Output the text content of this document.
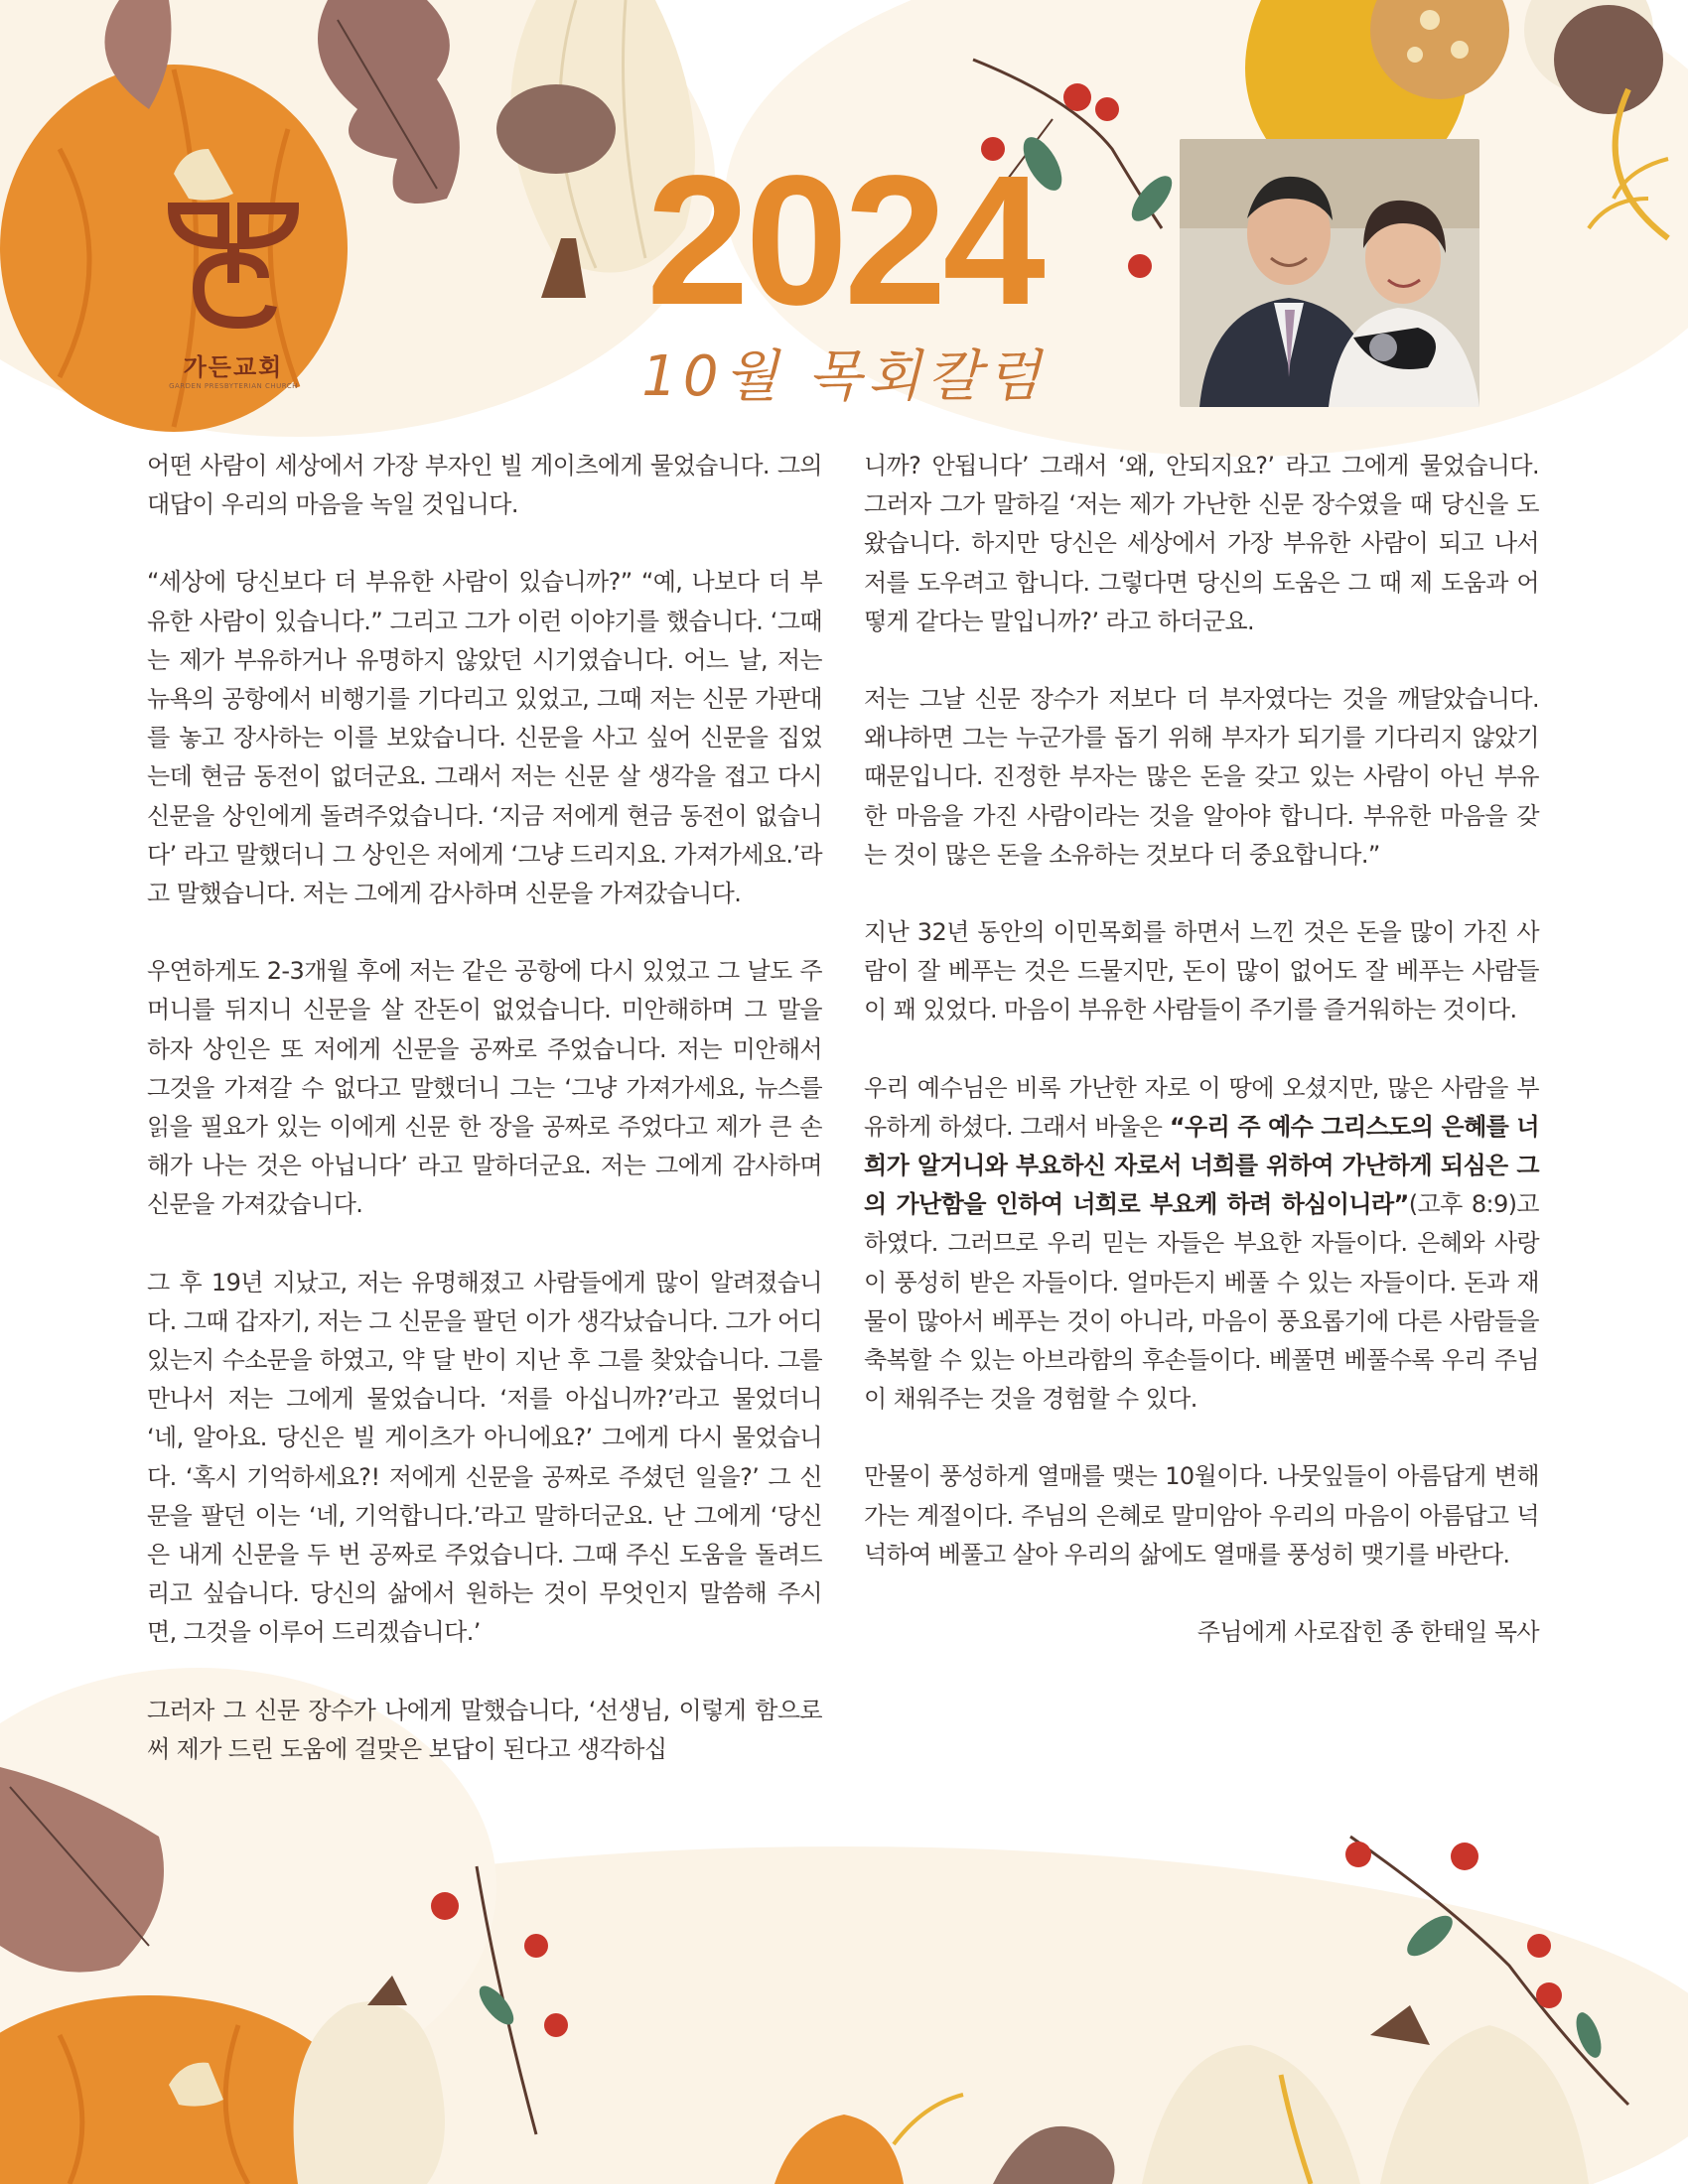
가든교회
GARDEN PRESBYTERIAN CHURCH
2024
10월 목회칼럼

어떤 사람이 세상에서 가장 부자인 빌 게이츠에게 물었습니다. 그의 대답이 우리의 마음을 녹일 것입니다.

“세상에 당신보다 더 부유한 사람이 있습니까?” “예, 나보다 더 부유한 사람이 있습니다.” 그리고 그가 이런 이야기를 했습니다. ‘그때는 제가 부유하거나 유명하지 않았던 시기였습니다. 어느 날, 저는 뉴욕의 공항에서 비행기를 기다리고 있었고, 그때 저는 신문 가판대를 놓고 장사하는 이를 보았습니다. 신문을 사고 싶어 신문을 집었는데 현금 동전이 없더군요. 그래서 저는 신문 살 생각을 접고 다시 신문을 상인에게 돌려주었습니다. ‘지금 저에게 현금 동전이 없습니다’ 라고 말했더니 그 상인은 저에게 ‘그냥 드리지요. 가져가세요.’라고 말했습니다. 저는 그에게 감사하며 신문을 가져갔습니다.

우연하게도 2-3개월 후에 저는 같은 공항에 다시 있었고 그 날도 주머니를 뒤지니 신문을 살 잔돈이 없었습니다. 미안해하며 그 말을 하자 상인은 또 저에게 신문을 공짜로 주었습니다. 저는 미안해서 그것을 가져갈 수 없다고 말했더니 그는 ‘그냥 가져가세요, 뉴스를 읽을 필요가 있는 이에게 신문 한 장을 공짜로 주었다고 제가 큰 손해가 나는 것은 아닙니다’ 라고 말하더군요. 저는 그에게 감사하며 신문을 가져갔습니다.

그 후 19년 지났고, 저는 유명해졌고 사람들에게 많이 알려졌습니다. 그때 갑자기, 저는 그 신문을 팔던 이가 생각났습니다. 그가 어디 있는지 수소문을 하였고, 약 달 반이 지난 후 그를 찾았습니다. 그를 만나서 저는 그에게 물었습니다. ‘저를 아십니까?’라고 물었더니 ‘네, 알아요. 당신은 빌 게이츠가 아니에요?’ 그에게 다시 물었습니다. ‘혹시 기억하세요?! 저에게 신문을 공짜로 주셨던 일을?’ 그 신문을 팔던 이는 ‘네, 기억합니다.’라고 말하더군요. 난 그에게 ‘당신은 내게 신문을 두 번 공짜로 주었습니다. 그때 주신 도움을 돌려드리고 싶습니다. 당신의 삶에서 원하는 것이 무엇인지 말씀해 주시면, 그것을 이루어 드리겠습니다.’

그러자 그 신문 장수가 나에게 말했습니다, ‘선생님, 이렇게 함으로써 제가 드린 도움에 걸맞은 보답이 된다고 생각하십

니까? 안됩니다’ 그래서 ‘왜, 안되지요?’ 라고 그에게 물었습니다. 그러자 그가 말하길 ‘저는 제가 가난한 신문 장수였을 때 당신을 도왔습니다. 하지만 당신은 세상에서 가장 부유한 사람이 되고 나서 저를 도우려고 합니다. 그렇다면 당신의 도움은 그 때 제 도움과 어떻게 같다는 말입니까?’ 라고 하더군요.

저는 그날 신문 장수가 저보다 더 부자였다는 것을 깨달았습니다. 왜냐하면 그는 누군가를 돕기 위해 부자가 되기를 기다리지 않았기 때문입니다. 진정한 부자는 많은 돈을 갖고 있는 사람이 아닌 부유한 마음을 가진 사람이라는 것을 알아야 합니다. 부유한 마음을 갖는 것이 많은 돈을 소유하는 것보다 더 중요합니다.”

지난 32년 동안의 이민목회를 하면서 느낀 것은 돈을 많이 가진 사람이 잘 베푸는 것은 드물지만, 돈이 많이 없어도 잘 베푸는 사람들이 꽤 있었다. 마음이 부유한 사람들이 주기를 즐거워하는 것이다.

우리 예수님은 비록 가난한 자로 이 땅에 오셨지만, 많은 사람을 부유하게 하셨다. 그래서 바울은 “우리 주 예수 그리스도의 은혜를 너희가 알거니와 부요하신 자로서 너희를 위하여 가난하게 되심은 그의 가난함을 인하여 너희로 부요케 하려 하심이니라”(고후 8:9)고 하였다. 그러므로 우리 믿는 자들은 부요한 자들이다. 은혜와 사랑이 풍성히 받은 자들이다. 얼마든지 베풀 수 있는 자들이다. 돈과 재물이 많아서 베푸는 것이 아니라, 마음이 풍요롭기에 다른 사람들을 축복할 수 있는 아브라함의 후손들이다. 베풀면 베풀수록 우리 주님이 채워주는 것을 경험할 수 있다.

만물이 풍성하게 열매를 맺는 10월이다. 나뭇잎들이 아름답게 변해가는 계절이다. 주님의 은혜로 말미암아 우리의 마음이 아름답고 넉넉하여 베풀고 살아 우리의 삶에도 열매를 풍성히 맺기를 바란다.

주님에게 사로잡힌 종 한태일 목사
